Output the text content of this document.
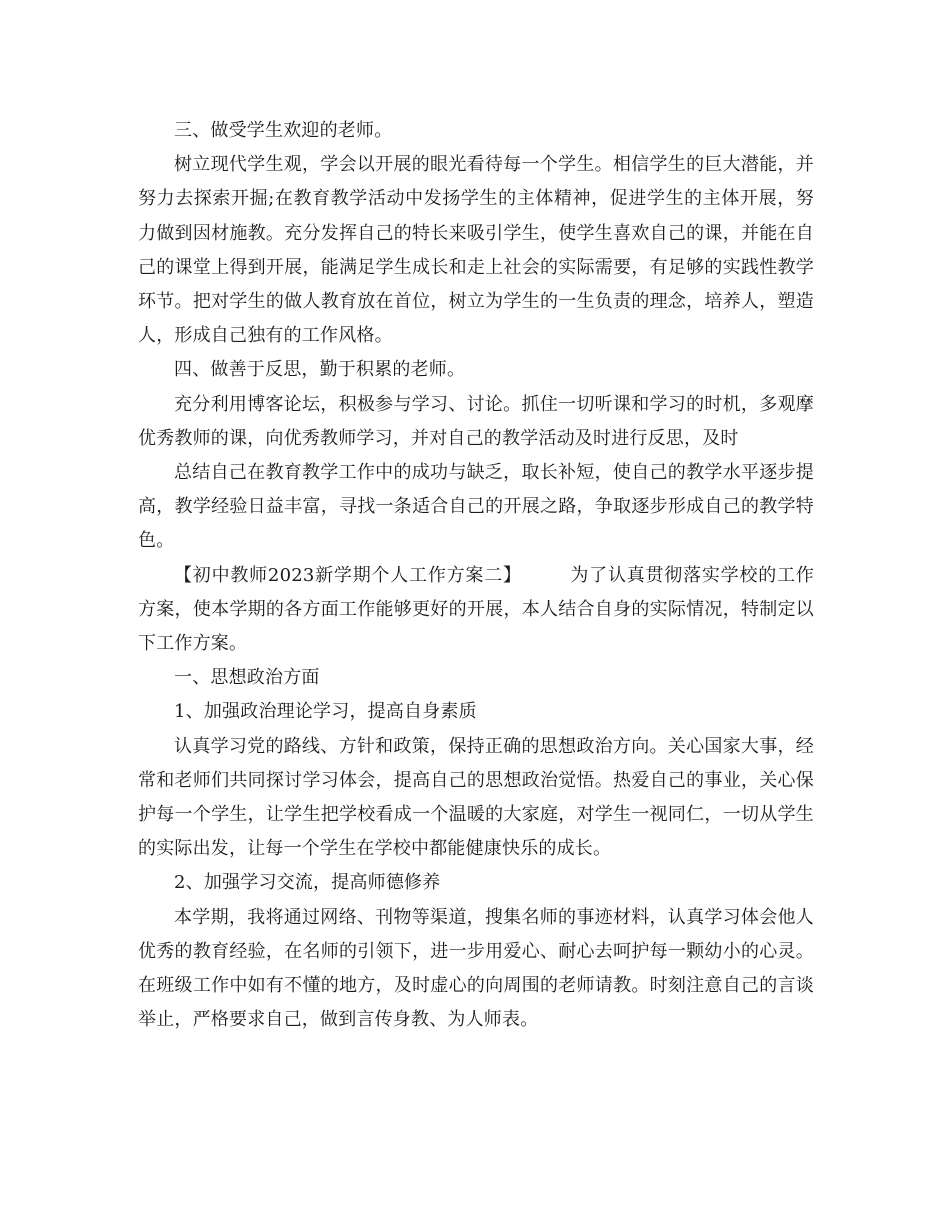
三、做受学生欢迎的老师。

树立现代学生观，学会以开展的眼光看待每一个学生。相信学生的巨大潜能，并努力去探索开掘;在教育教学活动中发扬学生的主体精神，促进学生的主体开展，努力做到因材施教。充分发挥自己的特长来吸引学生，使学生喜欢自己的课，并能在自己的课堂上得到开展，能满足学生成长和走上社会的实际需要，有足够的实践性教学环节。把对学生的做人教育放在首位，树立为学生的一生负责的理念，培养人，塑造人，形成自己独有的工作风格。

四、做善于反思，勤于积累的老师。

充分利用博客论坛，积极参与学习、讨论。抓住一切听课和学习的时机，多观摩优秀教师的课，向优秀教师学习，并对自己的教学活动及时进行反思，及时

总结自己在教育教学工作中的成功与缺乏，取长补短，使自己的教学水平逐步提高，教学经验日益丰富，寻找一条适合自己的开展之路，争取逐步形成自己的教学特色。

【初中教师2023新学期个人工作方案二】	为了认真贯彻落实学校的工作方案，使本学期的各方面工作能够更好的开展，本人结合自身的实际情况，特制定以下工作方案。

一、思想政治方面

1、加强政治理论学习，提高自身素质

认真学习党的路线、方针和政策，保持正确的思想政治方向。关心国家大事，经常和老师们共同探讨学习体会，提高自己的思想政治觉悟。热爱自己的事业，关心保护每一个学生，让学生把学校看成一个温暖的大家庭，对学生一视同仁，一切从学生的实际出发，让每一个学生在学校中都能健康快乐的成长。

2、加强学习交流，提高师德修养

本学期，我将通过网络、刊物等渠道，搜集名师的事迹材料，认真学习体会他人优秀的教育经验，在名师的引领下，进一步用爱心、耐心去呵护每一颗幼小的心灵。在班级工作中如有不懂的地方，及时虚心的向周围的老师请教。时刻注意自己的言谈举止，严格要求自己，做到言传身教、为人师表。
